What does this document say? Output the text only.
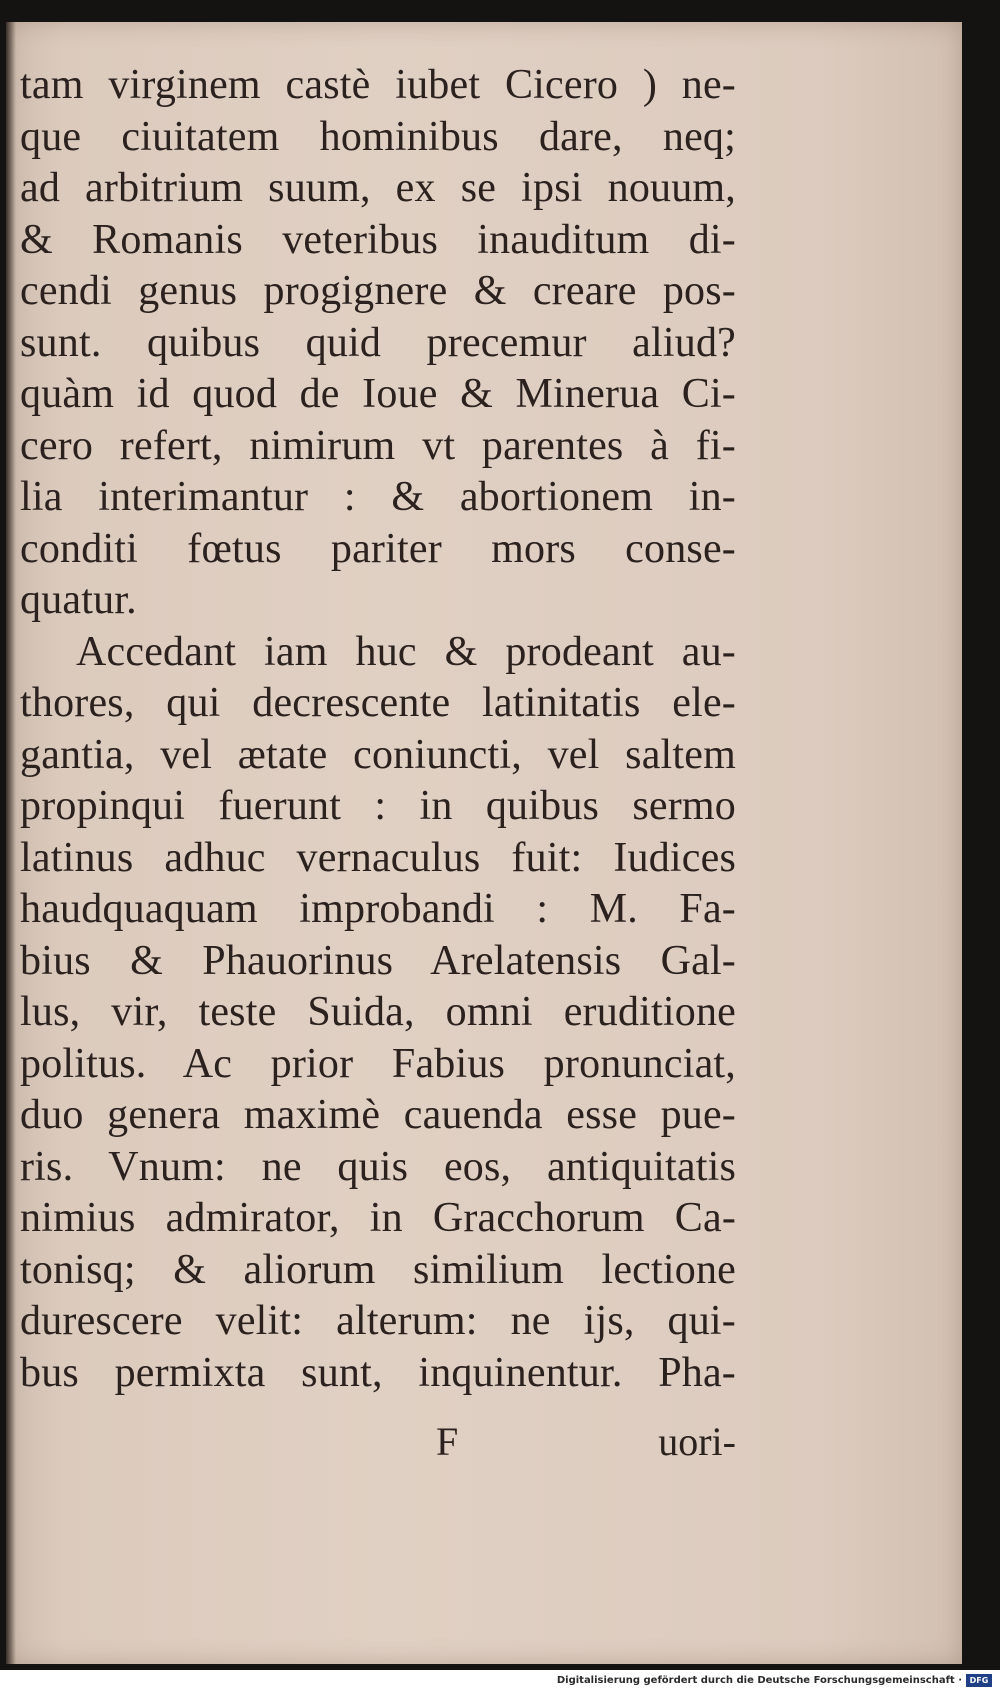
tam virginem castè iubet Cicero ) ne-
que ciuitatem hominibus dare, neq;
ad arbitrium suum, ex se ipsi nouum,
& Romanis veteribus inauditum di-
cendi genus progignere & creare pos-
sunt. quibus quid precemur aliud?
quàm id quod de Ioue & Minerua Ci-
cero refert, nimirum vt parentes à fi-
lia interimantur : & abortionem in-
conditi fœtus pariter mors conse-
quatur.
Accedant iam huc & prodeant au-
thores, qui decrescente latinitatis ele-
gantia, vel ætate coniuncti, vel saltem
propinqui fuerunt : in quibus sermo
latinus adhuc vernaculus fuit: Iudices
haudquaquam improbandi : M. Fa-
bius & Phauorinus Arelatensis Gal-
lus, vir, teste Suida, omni eruditione
politus. Ac prior Fabius pronunciat,
duo genera maximè cauenda esse pue-
ris. Vnum: ne quis eos, antiquitatis
nimius admirator, in Gracchorum Ca-
tonisq; & aliorum similium lectione
durescere velit: alterum: ne ijs, qui-
bus permixta sunt, inquinentur. Pha-
F	uori-
Digitalisierung gefördert durch die Deutsche Forschungsgemeinschaft · DFG
